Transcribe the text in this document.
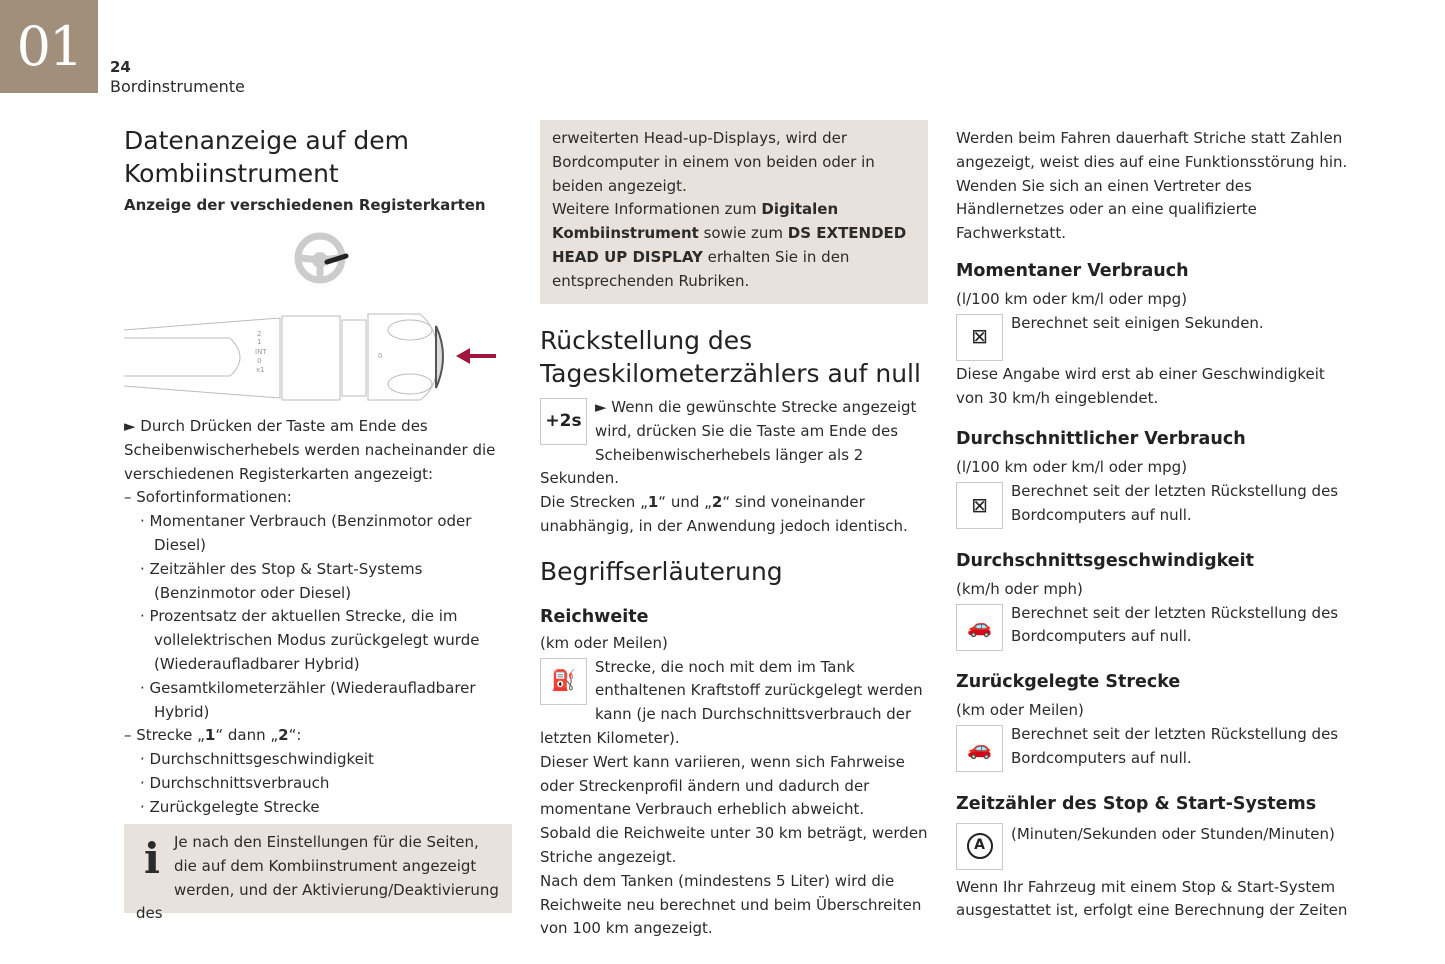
01	24
Bordinstrumente
Datenanzeige auf dem Kombiinstrument
Anzeige der verschiedenen Registerkarten
2
1
INT
0
x1
0

► Durch Drücken der Taste am Ende des Scheibenwischerhebels werden nacheinander die verschiedenen Registerkarten angezeigt:

– Sofortinformationen:

· Momentaner Verbrauch (Benzinmotor oder Diesel)
· Zeitzähler des Stop & Start-Systems (Benzinmotor oder Diesel)
· Prozentsatz der aktuellen Strecke, die im vollelektrischen Modus zurückgelegt wurde (Wiederaufladbarer Hybrid)
· Gesamtkilometerzähler (Wiederaufladbarer Hybrid)

– Strecke „1“ dann „2“:

· Durchschnittsgeschwindigkeit
· Durchschnittsverbrauch
· Zurückgelegte Strecke
i Je nach den Einstellungen für die Seiten, die auf dem Kombiinstrument angezeigt werden, und der Aktivierung/Deaktivierung des

erweiterten Head-up-Displays, wird der Bordcomputer in einem von beiden oder in beiden angezeigt.

Weitere Informationen zum Digitalen Kombiinstrument sowie zum DS EXTENDED HEAD UP DISPLAY erhalten Sie in den entsprechenden Rubriken.

Rückstellung des Tageskilometerzählers auf null
+2s

► Wenn die gewünschte Strecke angezeigt wird, drücken Sie die Taste am Ende des Scheibenwischerhebels länger als 2 Sekunden.

Die Strecken „1“ und „2“ sind voneinander unabhängig, in der Anwendung jedoch identisch.

Begriffserläuterung
Reichweite

(km oder Meilen)

⛽

Strecke, die noch mit dem im Tank enthaltenen Kraftstoff zurückgelegt werden kann (je nach Durchschnittsverbrauch der letzten Kilometer).

Dieser Wert kann variieren, wenn sich Fahrweise oder Streckenprofil ändern und dadurch der momentane Verbrauch erheblich abweicht.

Sobald die Reichweite unter 30 km beträgt, werden Striche angezeigt.

Nach dem Tanken (mindestens 5 Liter) wird die Reichweite neu berechnet und beim Überschreiten von 100 km angezeigt.

Werden beim Fahren dauerhaft Striche statt Zahlen angezeigt, weist dies auf eine Funktionsstörung hin. Wenden Sie sich an einen Vertreter des Händlernetzes oder an eine qualifizierte Fachwerkstatt.

Momentaner Verbrauch

(l/100 km oder km/l oder mpg)

⊠

Berechnet seit einigen Sekunden.

Diese Angabe wird erst ab einer Geschwindigkeit von 30 km/h eingeblendet.

Durchschnittlicher Verbrauch

(l/100 km oder km/l oder mpg)

⊠

Berechnet seit der letzten Rückstellung des Bordcomputers auf null.

Durchschnittsgeschwindigkeit

(km/h oder mph)

🚗

Berechnet seit der letzten Rückstellung des Bordcomputers auf null.

Zurückgelegte Strecke

(km oder Meilen)

🚗

Berechnet seit der letzten Rückstellung des Bordcomputers auf null.

Zeitzähler des Stop & Start-Systems
A

(Minuten/Sekunden oder Stunden/Minuten)

Wenn Ihr Fahrzeug mit einem Stop & Start-System ausgestattet ist, erfolgt eine Berechnung der Zeiten
